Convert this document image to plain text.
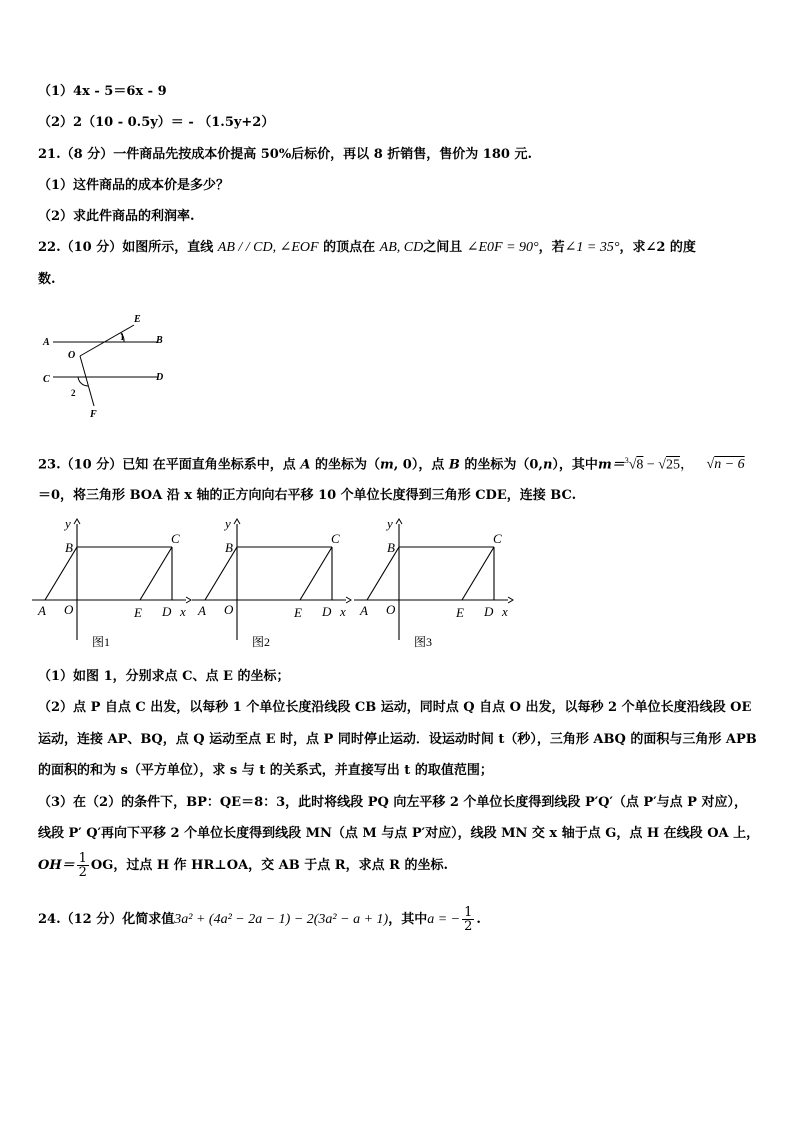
（1）4x - 5＝6x - 9
（2）2（10 - 0.5y）＝ - （1.5y+2）
21.（8 分）一件商品先按成本价提高 50%后标价，再以 8 折销售，售价为 180 元.
（1）这件商品的成本价是多少？
（2）求此件商品的利润率.
22.（10 分）如图所示，直线 AB / / CD, ∠EOF 的顶点在 AB, CD之间且 ∠E0F = 90°，若∠1 = 35°，求∠2 的度
数.
A	B
C	D
E
F
O
1
2
23.（10 分）已知 在平面直角坐标系中，点 A 的坐标为（m, 0），点 B 的坐标为（0,n），其中m＝$^3$√8 − √25， √n − 6
＝0，将三角形 BOA 沿 x 轴的正方向向右平移 10 个单位长度得到三角形 CDE，连接 BC.
A O	E D x
y
B
C
图1
A O	E D x
y
B
C
图2
A O	E D x
y
B
C
图3
（1）如图 1，分别求点 C、点 E 的坐标；
（2）点 P 自点 C 出发，以每秒 1 个单位长度沿线段 CB 运动，同时点 Q 自点 O 出发，以每秒 2 个单位长度沿线段 OE
运动，连接 AP、BQ，点 Q 运动至点 E 时，点 P 同时停止运动．设运动时间 t（秒），三角形 ABQ 的面积与三角形 APB
的面积的和为 s（平方单位），求 s 与 t 的关系式，并直接写出 t 的取值范围；
（3）在（2）的条件下，BP：QE＝8：3，此时将线段 PQ 向左平移 2 个单位长度得到线段 P′Q′（点 P′与点 P 对应），
线段 P′ Q′再向下平移 2 个单位长度得到线段 MN（点 M 与点 P′对应），线段 MN 交 x 轴于点 G，点 H 在线段 OA 上，
$OH= \frac{1}{2}$ OG，过点 H 作 HR⊥OA，交 AB 于点 R，求点 R 的坐标.
24.（12 分）化简求值3a² + (4a² − 2a − 1) − 2(3a² − a + 1)，其中a = − $\frac{1}{2}$ .
